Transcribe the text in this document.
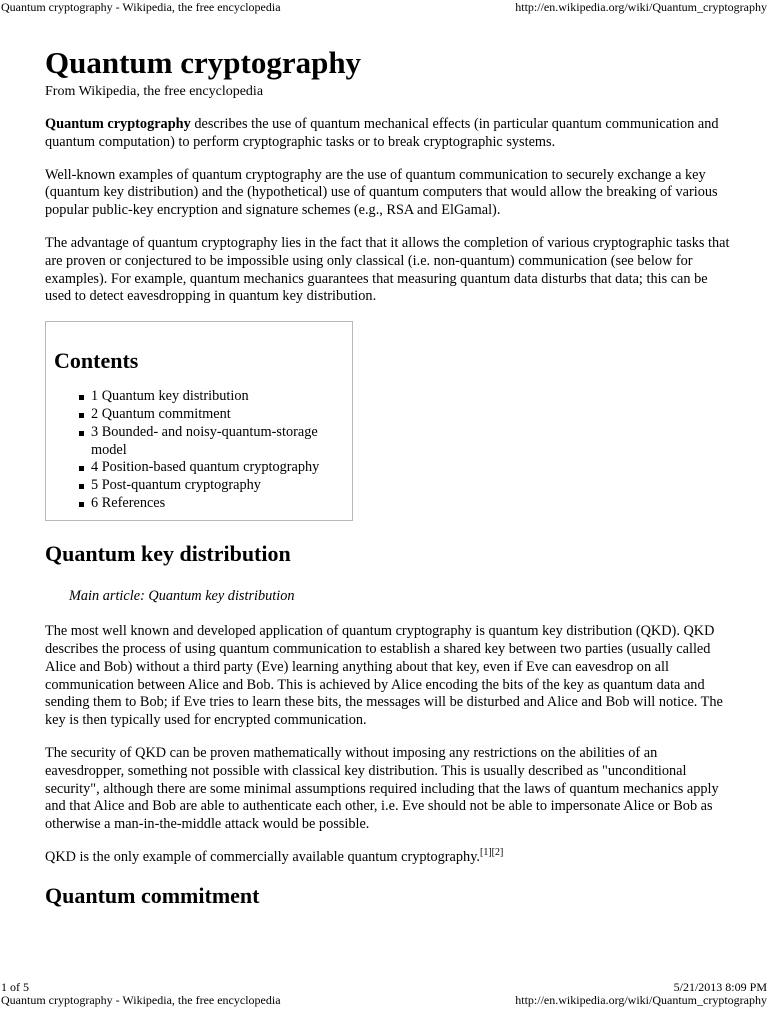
Quantum cryptography - Wikipedia, the free encyclopedia	http://en.wikipedia.org/wiki/Quantum_cryptography
Quantum cryptography
From Wikipedia, the free encyclopedia

Quantum cryptography describes the use of quantum mechanical effects (in particular quantum communication and quantum computation) to perform cryptographic tasks or to break cryptographic systems.

Well-known examples of quantum cryptography are the use of quantum communication to securely exchange a key (quantum key distribution) and the (hypothetical) use of quantum computers that would allow the breaking of various popular public-key encryption and signature schemes (e.g., RSA and ElGamal).

The advantage of quantum cryptography lies in the fact that it allows the completion of various cryptographic tasks that are proven or conjectured to be impossible using only classical (i.e. non-quantum) communication (see below for examples). For example, quantum mechanics guarantees that measuring quantum data disturbs that data; this can be used to detect eavesdropping in quantum key distribution.

Contents
1 Quantum key distribution
2 Quantum commitment
3 Bounded- and noisy-quantum-storage model
4 Position-based quantum cryptography
5 Post-quantum cryptography
6 References
Quantum key distribution
Main article: Quantum key distribution

The most well known and developed application of quantum cryptography is quantum key distribution (QKD). QKD describes the process of using quantum communication to establish a shared key between two parties (usually called Alice and Bob) without a third party (Eve) learning anything about that key, even if Eve can eavesdrop on all communication between Alice and Bob. This is achieved by Alice encoding the bits of the key as quantum data and sending them to Bob; if Eve tries to learn these bits, the messages will be disturbed and Alice and Bob will notice. The key is then typically used for encrypted communication.

The security of QKD can be proven mathematically without imposing any restrictions on the abilities of an eavesdropper, something not possible with classical key distribution. This is usually described as "unconditional security", although there are some minimal assumptions required including that the laws of quantum mechanics apply and that Alice and Bob are able to authenticate each other, i.e. Eve should not be able to impersonate Alice or Bob as otherwise a man-in-the-middle attack would be possible.

QKD is the only example of commercially available quantum cryptography.[1][2]

Quantum commitment
1 of 5	5/21/2013 8:09 PM
Quantum cryptography - Wikipedia, the free encyclopedia	http://en.wikipedia.org/wiki/Quantum_cryptography
